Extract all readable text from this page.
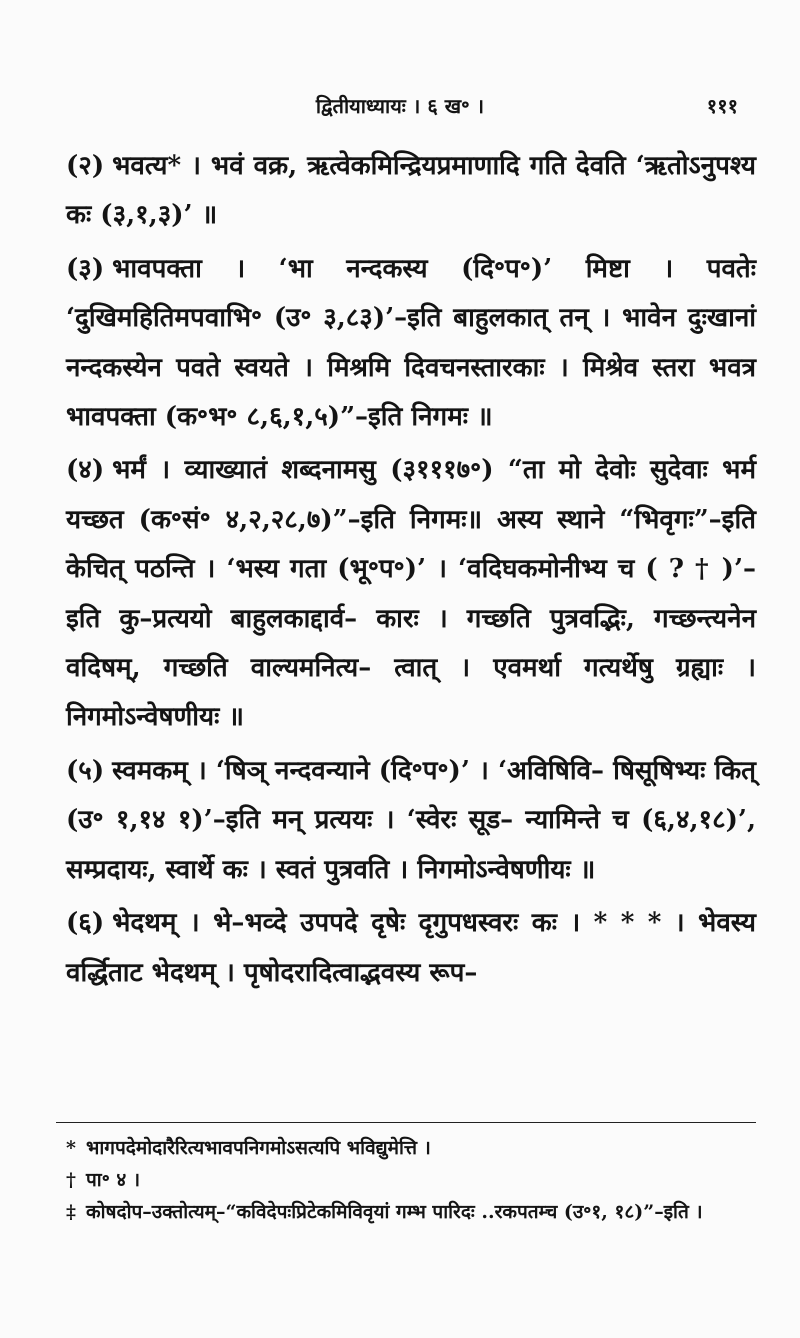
द्वितीयाध्यायः । ६ ख॰ ।	१११

(२) भवत्य* । भवं वक्र, ऋत्वेकमिन्द्रियप्रमाणादि गति देवति ‘ऋतोऽनुपश्य कः (३,१,३)’ ॥

(३) भावपक्ता । ‘भा नन्दकस्य (दि॰प॰)’ मिष्टा । पवतेः ‘दुखिमहितिमपवाभि॰ (उ॰ ३,८३)’–इति बाहुलकात् तन् । भावेन दुःखानां नन्दकस्येन पवते स्वयते । मिश्रमि दिवचनस्तारकाः । मिश्रेव स्तरा भवत्र भावपक्ता (क॰भ॰ ८,६,१,५)”–इति निगमः ॥

(४) भर्मं । व्याख्यातं शब्दनामसु (३१११७॰) “ता मो देवोः सुदेवाः भर्म यच्छत (क॰सं॰ ४,२,२८,७)”–इति निगमः॥ अस्य स्थाने “भिवृगः”–इति केचित् पठन्ति । ‘भस्य गता (भू॰प॰)’ । ‘वदिघकमोनीभ्य च ( ? † )’–इति कु–प्रत्ययो बाहुलकाद्दार्व– कारः । गच्छति पुत्रवद्भिः, गच्छन्त्यनेन वदिषम्, गच्छति वाल्यमनित्य– त्वात् । एवमर्था गत्यर्थेषु ग्रह्याः । निगमोऽन्वेषणीयः ॥

(५) स्वमकम् । ‘षिञ् नन्दवन्याने (दि॰प॰)’ । ‘अविषिवि– षिसूषिभ्यः कित् (उ॰ १,१४ १)’–इति मन् प्रत्ययः । ‘स्वेरः सूड– न्यामिन्ते च (६,४,१८)’, सम्प्रदायः, स्वार्थे कः । स्वतं पुत्रवति । निगमोऽन्वेषणीयः ॥

(६) भेदथम् । भे–भव्दे उपपदे दृषेः दृगुपधस्वरः कः । * * * । भेवस्य वर्द्धिताट भेदथम् । पृषोदरादित्वाद्भवस्य रूप–

* भागपदेमोदारैरित्यभावपनिगमोऽसत्यपि भविद्युमेत्ति ।

† पा॰ ४ ।

‡ कोषदोप–उक्तोत्यम्–“कविदेपःप्रिटेकमिविवृयां गम्भ पारिदः ..रकपतम्च (उ॰१, १८)”–इति ।
